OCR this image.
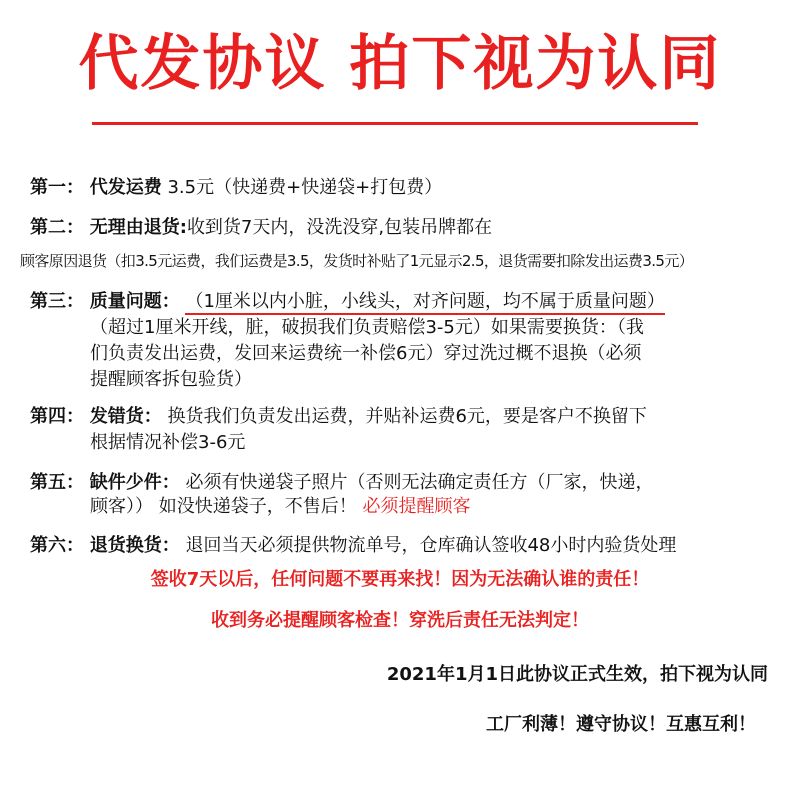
代发协议 拍下视为认同
第一： 代发运费 3.5元（快递费+快递袋+打包费）
第二： 无理由退货:收到货7天内，没洗没穿,包装吊牌都在
顾客原因退货（扣3.5元运费，我们运费是3.5，发货时补贴了1元显示2.5，退货需要扣除发出运费3.5元）
第三： 质量问题： （1厘米以内小脏，小线头，对齐问题，均不属于质量问题）
（超过1厘米开线，脏，破损我们负责赔偿3-5元）如果需要换货：（我
们负责发出运费，发回来运费统一补偿6元）穿过洗过概不退换（必须
提醒顾客拆包验货）
第四： 发错货： 换货我们负责发出运费，并贴补运费6元，要是客户不换留下
根据情况补偿3-6元
第五： 缺件少件： 必须有快递袋子照片（否则无法确定责任方（厂家，快递，
顾客）） 如没快递袋子，不售后！ 必须提醒顾客
第六： 退货换货： 退回当天必须提供物流单号，仓库确认签收48小时内验货处理
签收7天以后，任何问题不要再来找！因为无法确认谁的责任！
收到务必提醒顾客检查！穿洗后责任无法判定！
2021年1月1日此协议正式生效，拍下视为认同
工厂利薄！遵守协议！互惠互利！
